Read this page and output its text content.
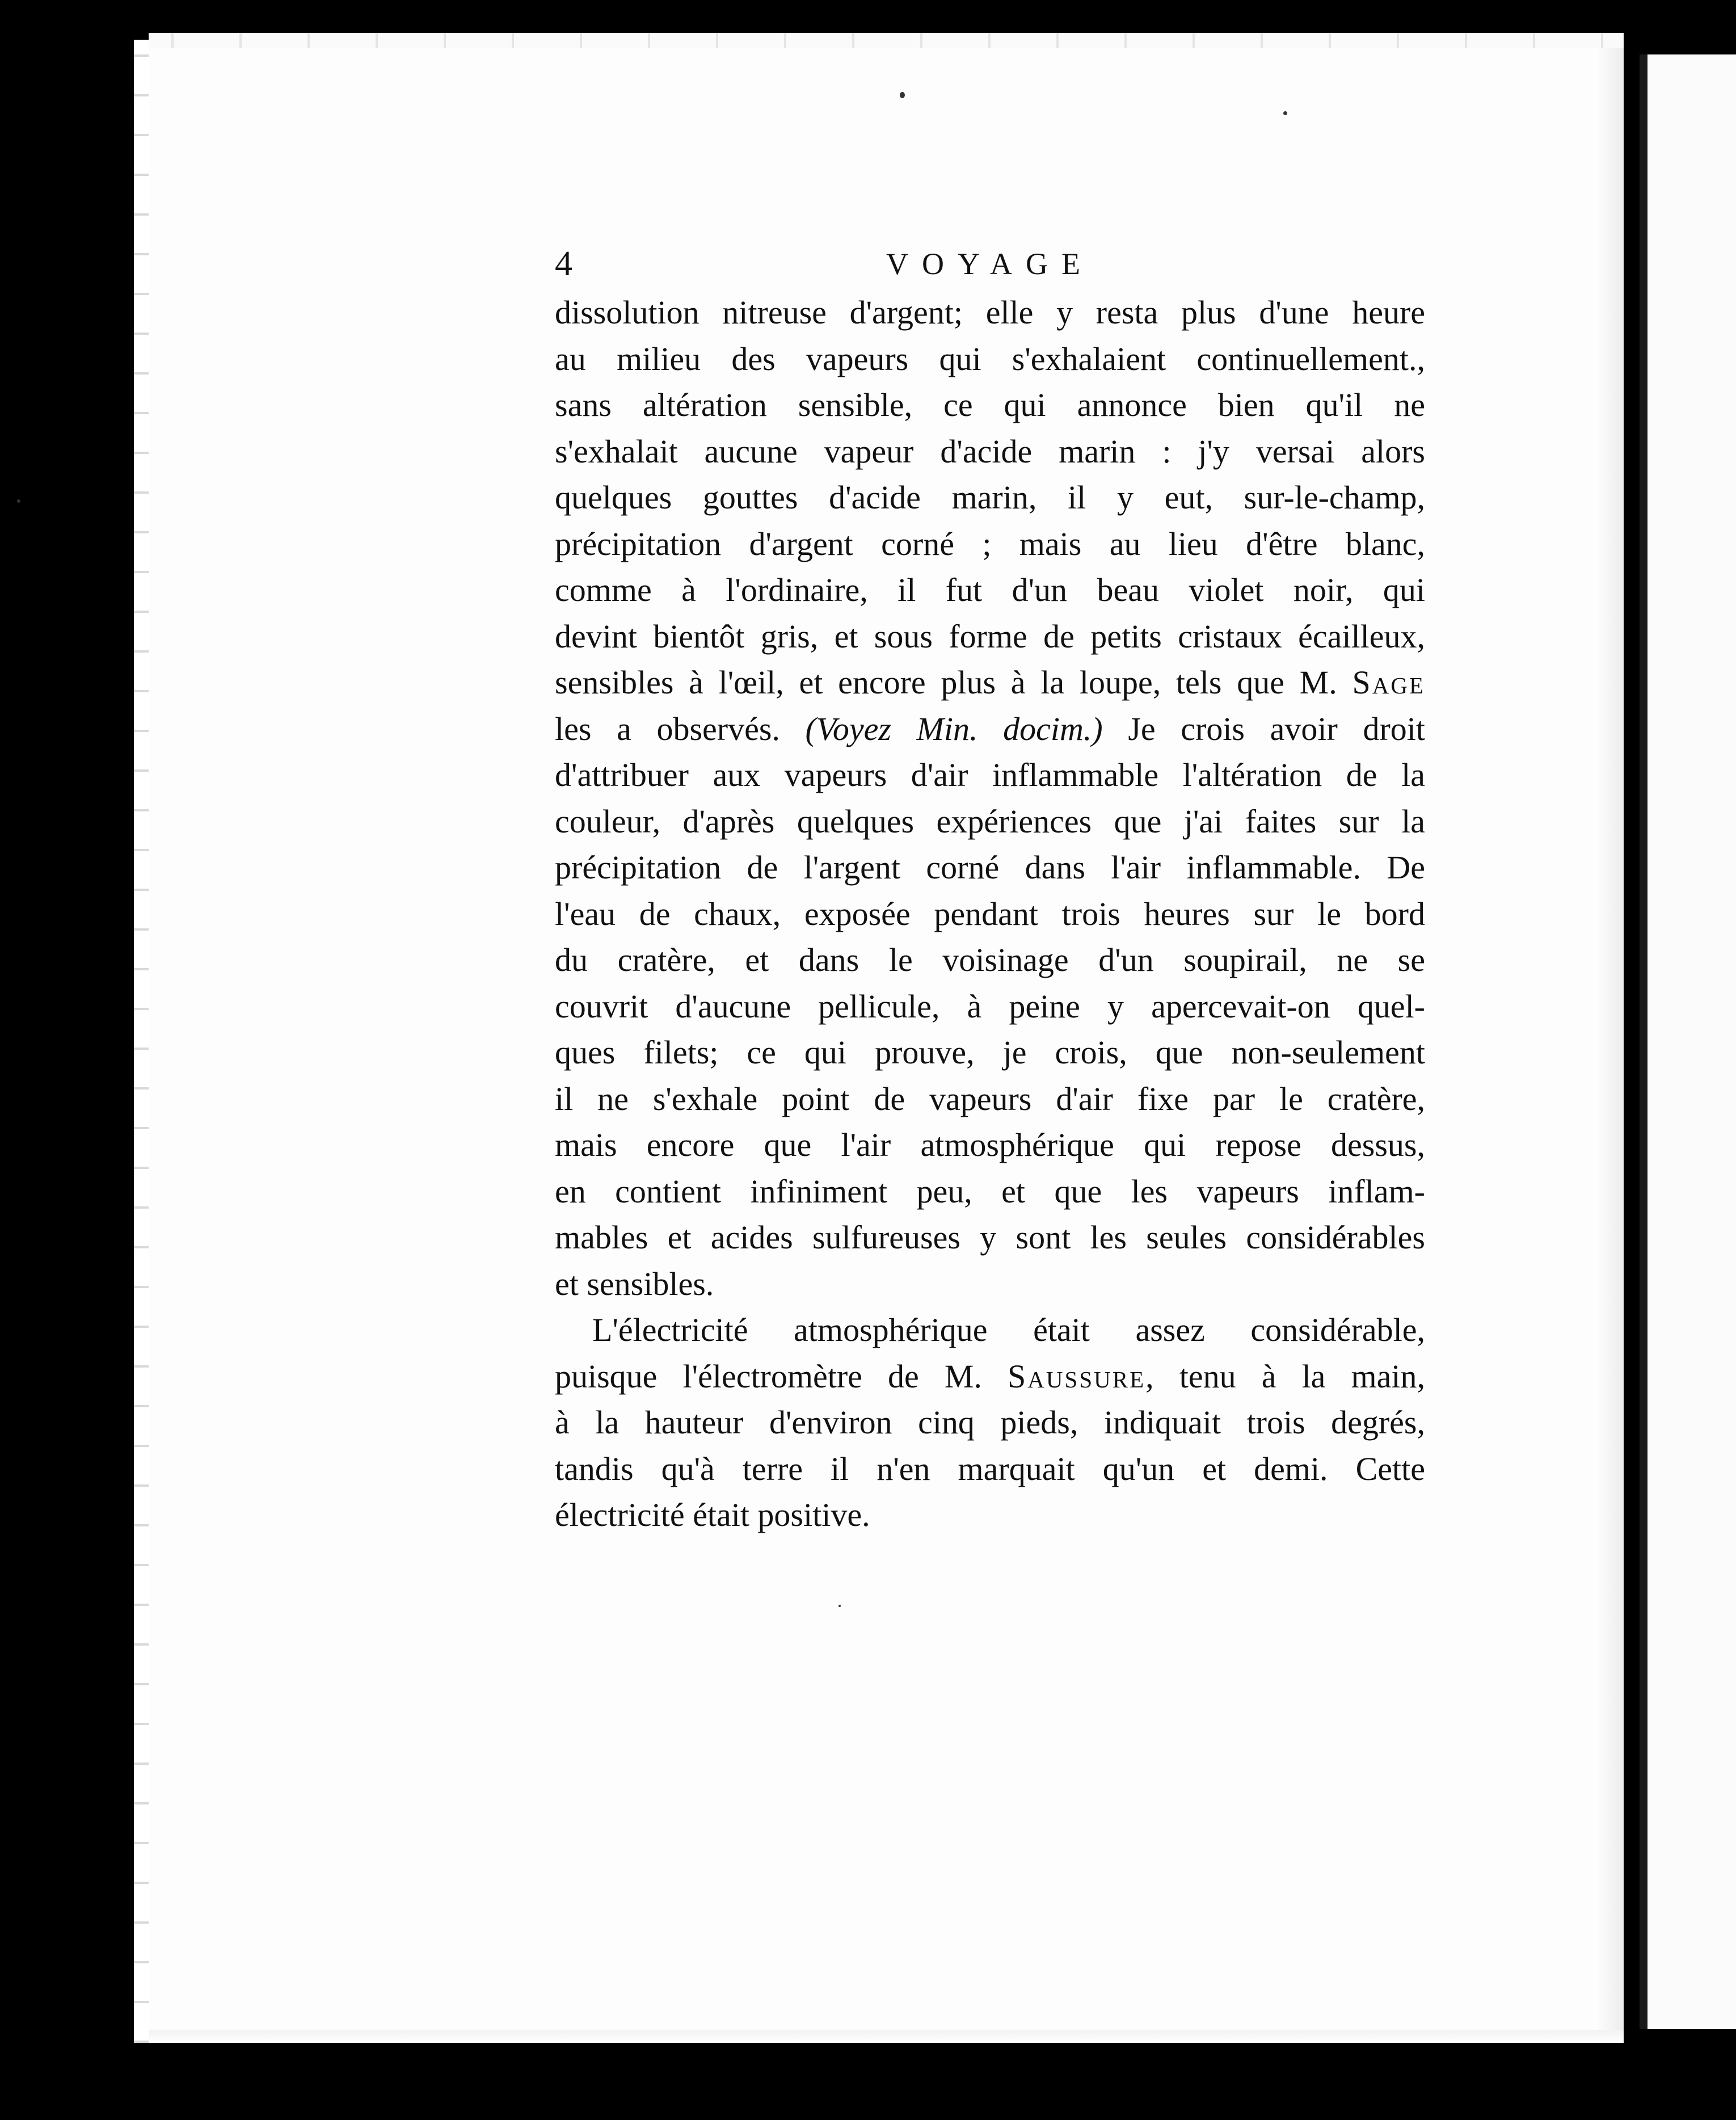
4	VOYAGE
dissolution nitreuse d'argent; elle y resta plus d'une heure
au milieu des vapeurs qui s'exhalaient continuellement.,
sans altération sensible, ce qui annonce bien qu'il ne
s'exhalait aucune vapeur d'acide marin : j'y versai alors
quelques gouttes d'acide marin, il y eut, sur-le-champ,
précipitation d'argent corné ; mais au lieu d'être blanc,
comme à l'ordinaire, il fut d'un beau violet noir, qui
devint bientôt gris, et sous forme de petits cristaux écailleux,
sensibles à l'œil, et encore plus à la loupe, tels que M. Sage
les a observés. (Voyez Min. docim.) Je crois avoir droit
d'attribuer aux vapeurs d'air inflammable l'altération de la
couleur, d'après quelques expériences que j'ai faites sur la
précipitation de l'argent corné dans l'air inflammable. De
l'eau de chaux, exposée pendant trois heures sur le bord
du cratère, et dans le voisinage d'un soupirail, ne se
couvrit d'aucune pellicule, à peine y apercevait-on quel-
ques filets; ce qui prouve, je crois, que non-seulement
il ne s'exhale point de vapeurs d'air fixe par le cratère,
mais encore que l'air atmosphérique qui repose dessus,
en contient infiniment peu, et que les vapeurs inflam-
mables et acides sulfureuses y sont les seules considérables
et sensibles.
L'électricité atmosphérique était assez considérable,
puisque l'électromètre de M. Saussure, tenu à la main,
à la hauteur d'environ cinq pieds, indiquait trois degrés,
tandis qu'à terre il n'en marquait qu'un et demi. Cette
électricité était positive.
